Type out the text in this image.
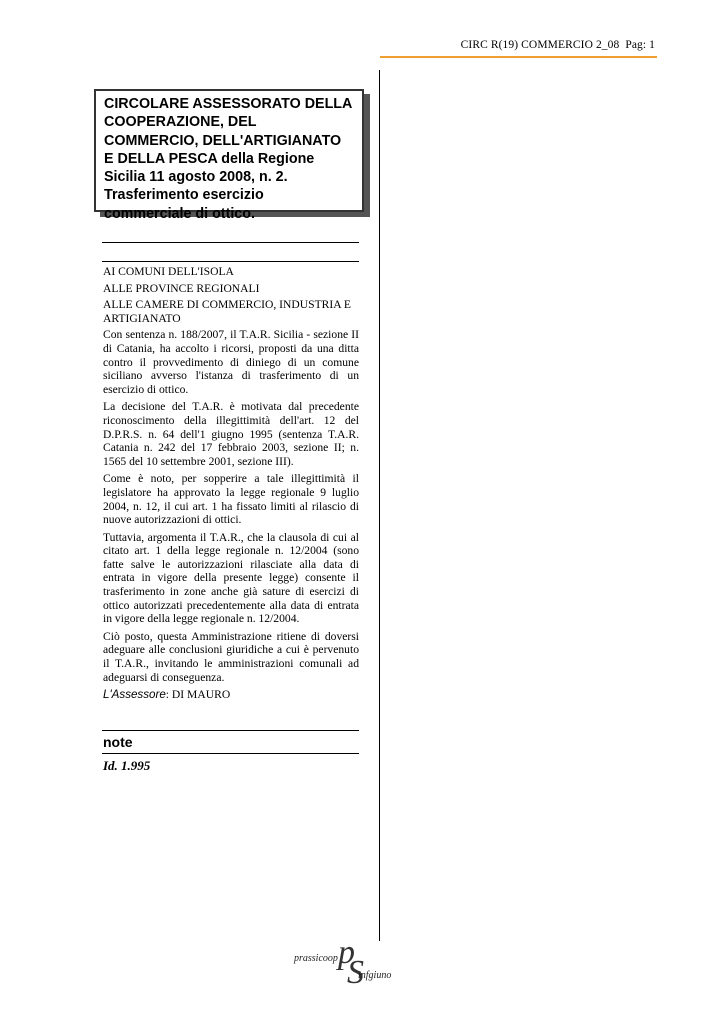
CIRC R(19) COMMERCIO 2_08 Pag: 1
CIRCOLARE ASSESSORATO DELLA COOPERAZIONE, DEL COMMERCIO, DELL'ARTIGIANATO E DELLA PESCA della Regione Sicilia 11 agosto 2008, n. 2. Trasferimento esercizio commerciale di ottico.

AI COMUNI DELL'ISOLA

ALLE PROVINCE REGIONALI

ALLE CAMERE DI COMMERCIO, INDUSTRIA E ARTIGIANATO

Con sentenza n. 188/2007, il T.A.R. Sicilia - sezione II di Catania, ha accolto i ricorsi, proposti da una ditta contro il provvedimento di diniego di un comune siciliano avverso l'istanza di trasferimento di un esercizio di ottico.

La decisione del T.A.R. è motivata dal precedente riconoscimento della illegittimità dell'art. 12 del D.P.R.S. n. 64 dell'1 giugno 1995 (sentenza T.A.R. Catania n. 242 del 17 febbraio 2003, sezione II; n. 1565 del 10 settembre 2001, sezione III).

Come è noto, per sopperire a tale illegittimità il legislatore ha approvato la legge regionale 9 luglio 2004, n. 12, il cui art. 1 ha fissato limiti al rilascio di nuove autorizzazioni di ottici.

Tuttavia, argomenta il T.A.R., che la clausola di cui al citato art. 1 della legge regionale n. 12/2004 (sono fatte salve le autorizzazioni rilasciate alla data di entrata in vigore della presente legge) consente il trasferimento in zone anche già sature di esercizi di ottico autorizzati precedentemente alla data di entrata in vigore della legge regionale n. 12/2004.

Ciò posto, questa Amministrazione ritiene di doversi adeguare alle conclusioni giuridiche a cui è pervenuto il T.A.R., invitando le amministrazioni comunali ad adeguarsi di conseguenza.

L'Assessore: DI MAURO

note
Id. 1.995
prassicoop p
S
infgiuno
